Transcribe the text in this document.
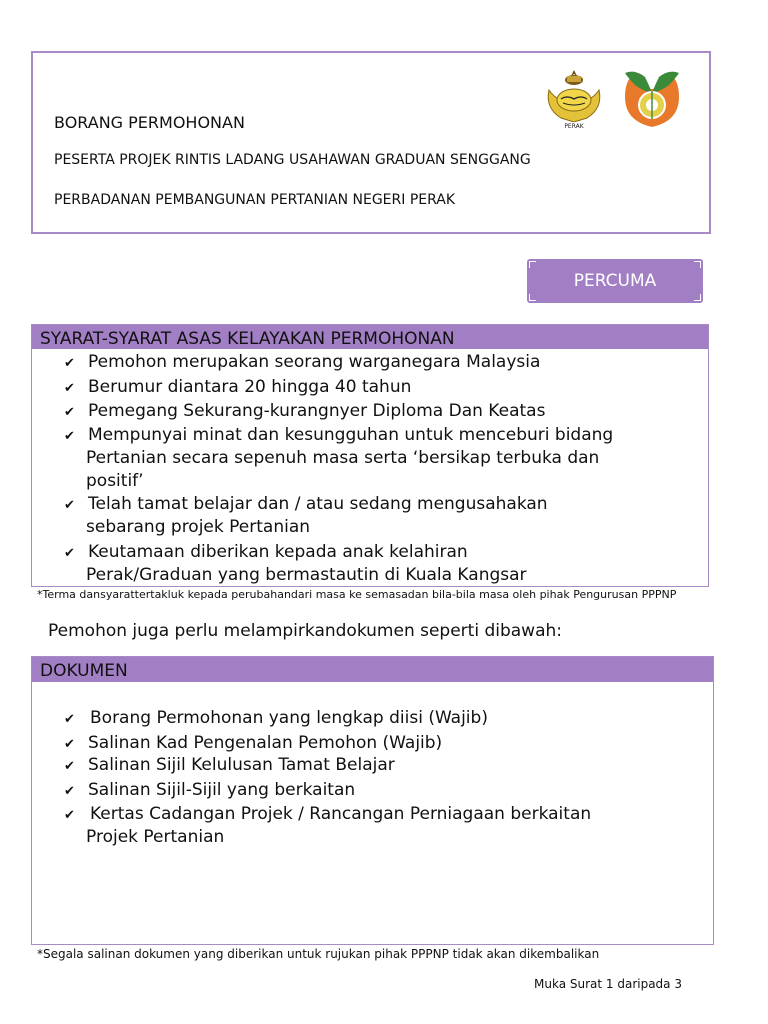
BORANG PERMOHONAN
PESERTA PROJEK RINTIS LADANG USAHAWAN GRADUAN SENGGANG
PERBADANAN PEMBANGUNAN PERTANIAN NEGERI PERAK
PERAK
PERCUMA
SYARAT-SYARAT ASAS KELAYAKAN PERMOHONAN
✔ Pemohon merupakan seorang warganegara Malaysia
✔ Berumur diantara 20 hingga 40 tahun
✔ Pemegang Sekurang-kurangnyer Diploma Dan Keatas
✔ Mempunyai minat dan kesungguhan untuk menceburi bidang
Pertanian secara sepenuh masa serta ‘bersikap terbuka dan
positif’
✔ Telah tamat belajar dan / atau sedang mengusahakan
sebarang projek Pertanian
✔ Keutamaan diberikan kepada anak kelahiran
Perak/Graduan yang bermastautin di Kuala Kangsar
*Terma dansyarattertakluk kepada perubahandari masa ke semasadan bila-bila masa oleh pihak Pengurusan PPPNP
Pemohon juga perlu melampirkandokumen seperti dibawah:
DOKUMEN
✔ Borang Permohonan yang lengkap diisi (Wajib)
✔ Salinan Kad Pengenalan Pemohon (Wajib)
✔ Salinan Sijil Kelulusan Tamat Belajar
✔ Salinan Sijil-Sijil yang berkaitan
✔ Kertas Cadangan Projek / Rancangan Perniagaan berkaitan
Projek Pertanian
*Segala salinan dokumen yang diberikan untuk rujukan pihak PPPNP tidak akan dikembalikan
Muka Surat 1 daripada 3
